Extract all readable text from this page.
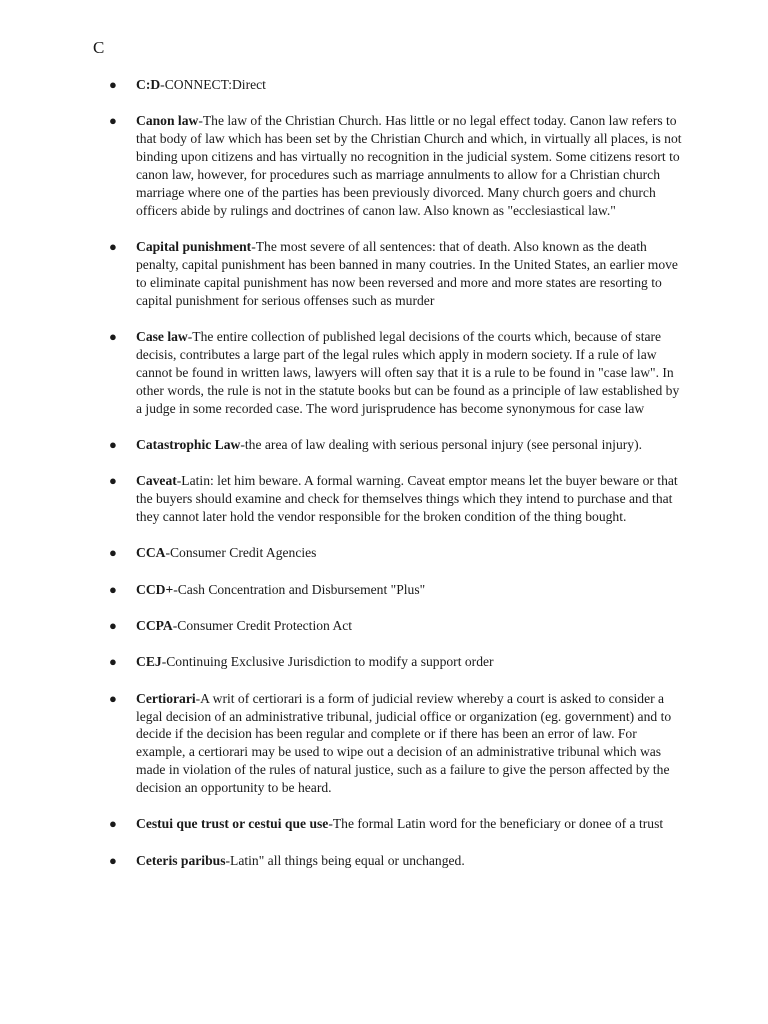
C
● C:D-CONNECT:Direct
● Canon law-The law of the Christian Church. Has little or no legal effect today. Canon law refers to that body of law which has been set by the Christian Church and which, in virtually all places, is not binding upon citizens and has virtually no recognition in the judicial system. Some citizens resort to canon law, however, for procedures such as marriage annulments to allow for a Christian church marriage where one of the parties has been previously divorced. Many church goers and church officers abide by rulings and doctrines of canon law. Also known as "ecclesiastical law."
● Capital punishment-The most severe of all sentences: that of death. Also known as the death penalty, capital punishment has been banned in many coutries. In the United States, an earlier move to eliminate capital punishment has now been reversed and more and more states are resorting to capital punishment for serious offenses such as murder
● Case law-The entire collection of published legal decisions of the courts which, because of stare decisis, contributes a large part of the legal rules which apply in modern society. If a rule of law cannot be found in written laws, lawyers will often say that it is a rule to be found in "case law". In other words, the rule is not in the statute books but can be found as a principle of law established by a judge in some recorded case. The word jurisprudence has become synonymous for case law
● Catastrophic Law-the area of law dealing with serious personal injury (see personal injury).
● Caveat-Latin: let him beware. A formal warning. Caveat emptor means let the buyer beware or that the buyers should examine and check for themselves things which they intend to purchase and that they cannot later hold the vendor responsible for the broken condition of the thing bought.
● CCA-Consumer Credit Agencies
● CCD+-Cash Concentration and Disbursement "Plus"
● CCPA-Consumer Credit Protection Act
● CEJ-Continuing Exclusive Jurisdiction to modify a support order
● Certiorari-A writ of certiorari is a form of judicial review whereby a court is asked to consider a legal decision of an administrative tribunal, judicial office or organization (eg. government) and to decide if the decision has been regular and complete or if there has been an error of law. For example, a certiorari may be used to wipe out a decision of an administrative tribunal which was made in violation of the rules of natural justice, such as a failure to give the person affected by the decision an opportunity to be heard.
● Cestui que trust or cestui que use-The formal Latin word for the beneficiary or donee of a trust
● Ceteris paribus-Latin" all things being equal or unchanged.
